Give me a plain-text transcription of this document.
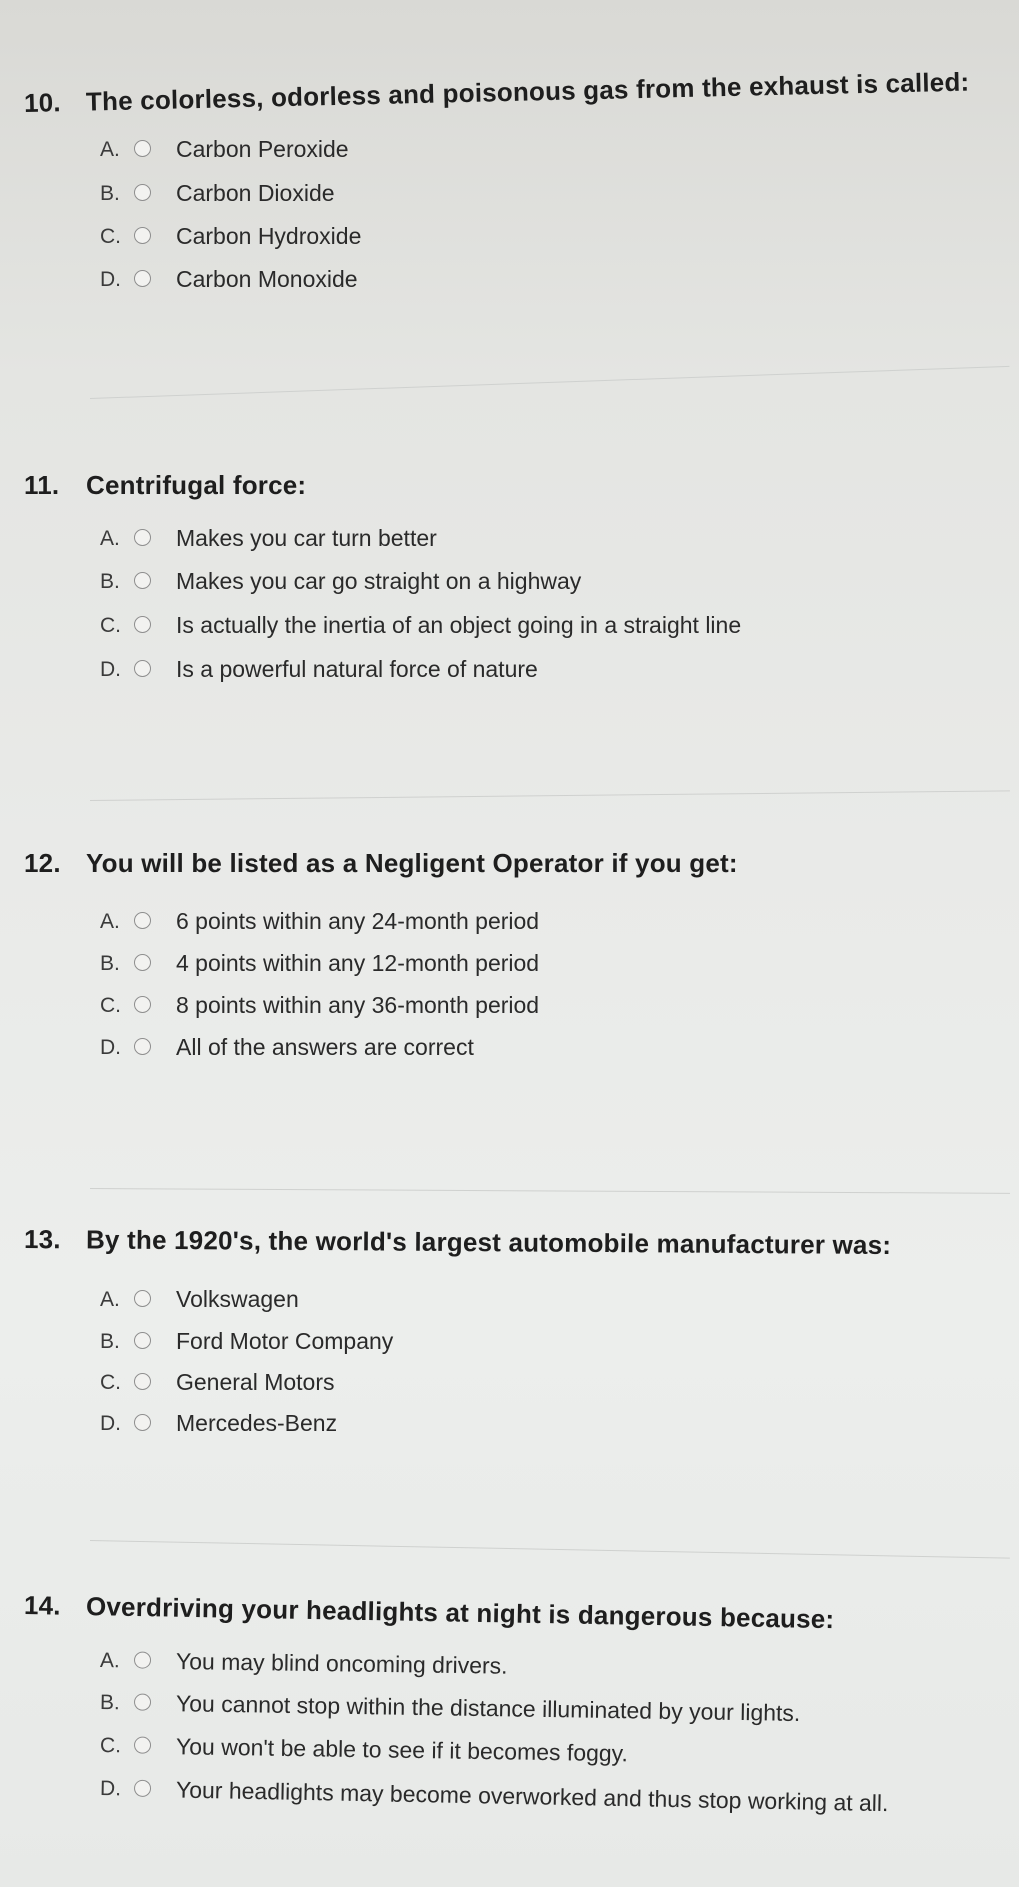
10. The colorless, odorless and poisonous gas from the exhaust is called:
A.	Carbon Peroxide
B.	Carbon Dioxide
C.	Carbon Hydroxide
D.	Carbon Monoxide
11. Centrifugal force:
A.	Makes you car turn better
B.	Makes you car go straight on a highway
C.	Is actually the inertia of an object going in a straight line
D.	Is a powerful natural force of nature
12. You will be listed as a Negligent Operator if you get:
A.	6 points within any 24-month period
B.	4 points within any 12-month period
C.	8 points within any 36-month period
D.	All of the answers are correct
13. By the 1920's, the world's largest automobile manufacturer was:
A.	Volkswagen
B.	Ford Motor Company
C.	General Motors
D.	Mercedes-Benz
14. Overdriving your headlights at night is dangerous because:
A.	You may blind oncoming drivers.
B.	You cannot stop within the distance illuminated by your lights.
C.	You won't be able to see if it becomes foggy.
D.	Your headlights may become overworked and thus stop working at all.
